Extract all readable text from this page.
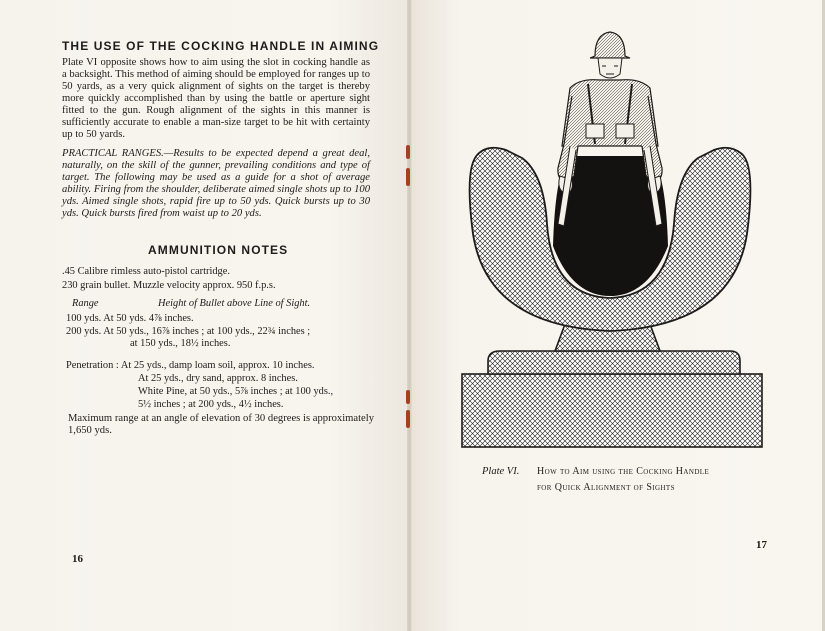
THE USE OF THE COCKING HANDLE IN AIMING
Plate VI opposite shows how to aim using the slot in cocking handle as a backsight. This method of aiming should be employed for ranges up to 50 yards, as a very quick alignment of sights on the target is thereby more quickly accomplished than by using the battle or aperture sight fitted to the gun. Rough alignment of the sights in this manner is sufficiently accurate to enable a man-size target to be hit with certainty up to 50 yards.
PRACTICAL RANGES.—Results to be expected depend a great deal, naturally, on the skill of the gunner, prevailing conditions and type of target. The following may be used as a guide for a shot of average ability. Firing from the shoulder, deliberate aimed single shots up to 100 yds. Aimed single shots, rapid fire up to 50 yds. Quick bursts up to 30 yds. Quick bursts fired from waist up to 20 yds.
AMMUNITION NOTES
.45 Calibre rimless auto-pistol cartridge.
230 grain bullet. Muzzle velocity approx. 950 f.p.s.
Range	Height of Bullet above Line of Sight.
100 yds. At 50 yds. 4⅞ inches.
200 yds. At 50 yds., 16⅞ inches ; at 100 yds., 22¾ inches ;
at 150 yds., 18½ inches.
Penetration : At 25 yds., damp loam soil, approx. 10 inches.
At 25 yds., dry sand, approx. 8 inches.
White Pine, at 50 yds., 5⅞ inches ; at 100 yds.,
5½ inches ; at 200 yds., 4½ inches.
Maximum range at an angle of elevation of 30 degrees is approximately 1,650 yds.
16
Plate VI. How to Aim using the Cocking Handle
for Quick Alignment of Sights
17
